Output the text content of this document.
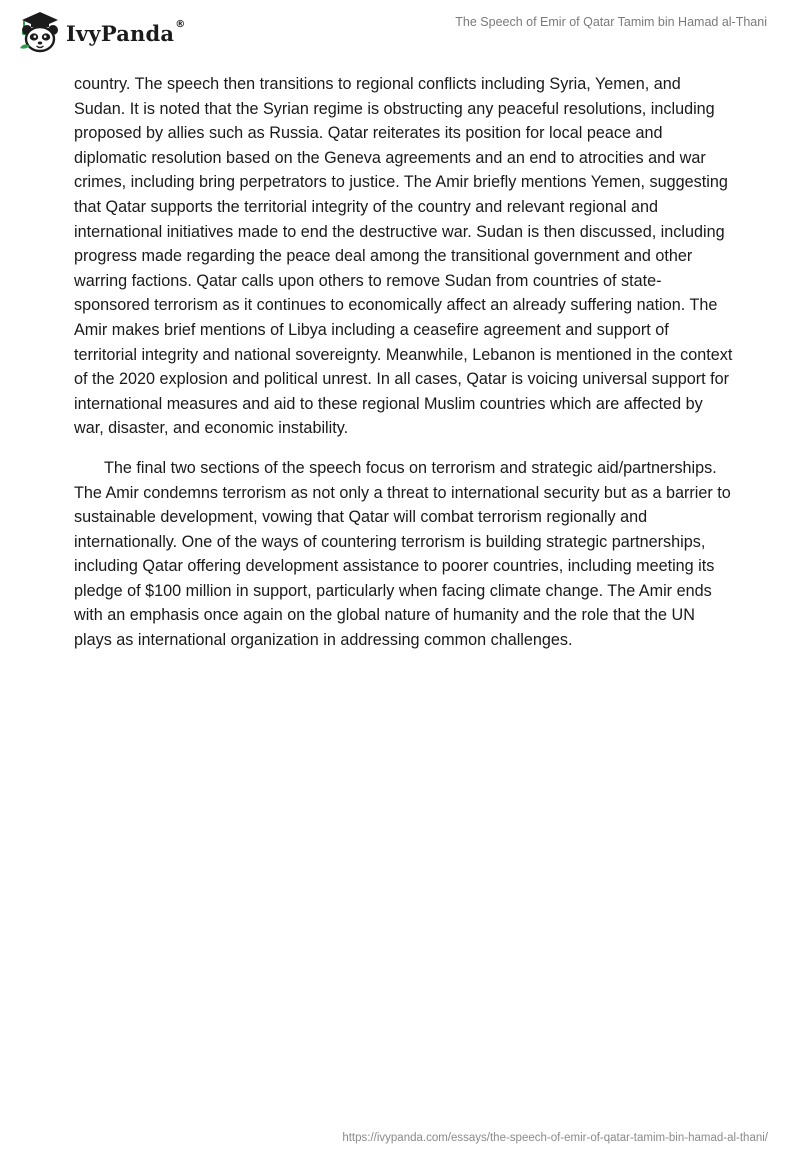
IvyPanda®	The Speech of Emir of Qatar Tamim bin Hamad al-Thani

country. The speech then transitions to regional conflicts including Syria, Yemen, and Sudan. It is noted that the Syrian regime is obstructing any peaceful resolutions, including proposed by allies such as Russia. Qatar reiterates its position for local peace and diplomatic resolution based on the Geneva agreements and an end to atrocities and war crimes, including bring perpetrators to justice. The Amir briefly mentions Yemen, suggesting that Qatar supports the territorial integrity of the country and relevant regional and international initiatives made to end the destructive war. Sudan is then discussed, including progress made regarding the peace deal among the transitional government and other warring factions. Qatar calls upon others to remove Sudan from countries of state-sponsored terrorism as it continues to economically affect an already suffering nation. The Amir makes brief mentions of Libya including a ceasefire agreement and support of territorial integrity and national sovereignty. Meanwhile, Lebanon is mentioned in the context of the 2020 explosion and political unrest. In all cases, Qatar is voicing universal support for international measures and aid to these regional Muslim countries which are affected by war, disaster, and economic instability.

The final two sections of the speech focus on terrorism and strategic aid/partnerships. The Amir condemns terrorism as not only a threat to international security but as a barrier to sustainable development, vowing that Qatar will combat terrorism regionally and internationally. One of the ways of countering terrorism is building strategic partnerships, including Qatar offering development assistance to poorer countries, including meeting its pledge of $100 million in support, particularly when facing climate change. The Amir ends with an emphasis once again on the global nature of humanity and the role that the UN plays as international organization in addressing common challenges.

https://ivypanda.com/essays/the-speech-of-emir-of-qatar-tamim-bin-hamad-al-thani/
